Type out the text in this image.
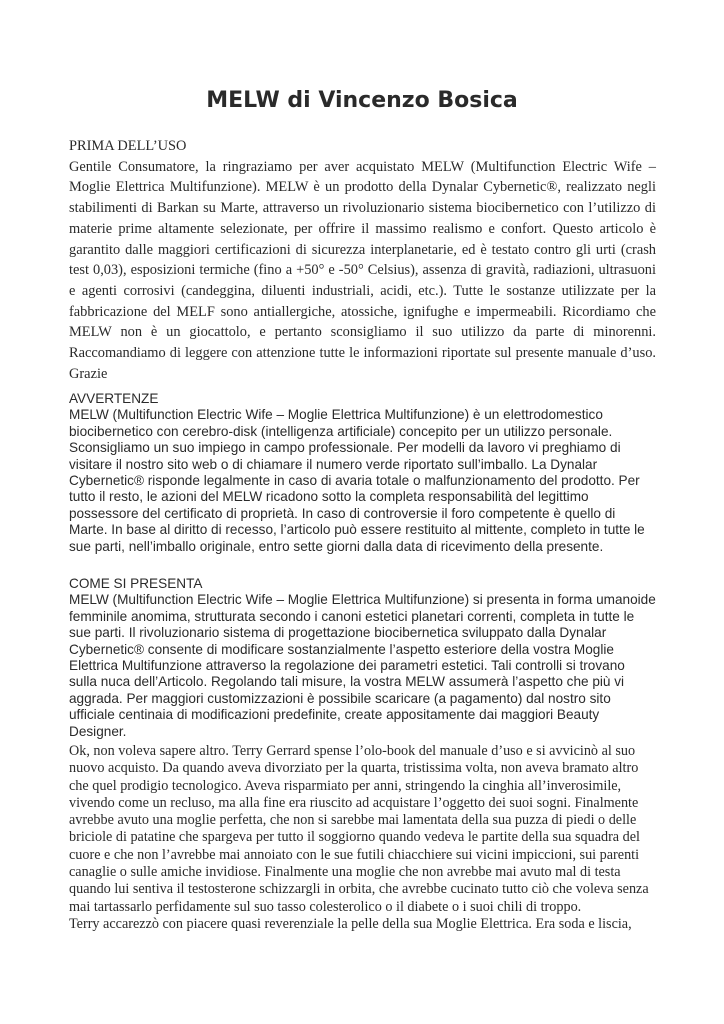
MELW di Vincenzo Bosica
PRIMA DELL’USO

Gentile Consumatore, la ringraziamo per aver acquistato MELW (Multifunction Electric Wife – Moglie Elettrica Multifunzione). MELW è un prodotto della Dynalar Cybernetic®, realizzato negli stabilimenti di Barkan su Marte, attraverso un rivoluzionario sistema biocibernetico con l’utilizzo di materie prime altamente selezionate, per offrire il massimo realismo e confort. Questo articolo è garantito dalle maggiori certificazioni di sicurezza interplanetarie, ed è testato contro gli urti (crash test 0,03), esposizioni termiche (fino a +50° e -50° Celsius), assenza di gravità, radiazioni, ultrasuoni e agenti corrosivi (candeggina, diluenti industriali, acidi, etc.). Tutte le sostanze utilizzate per la fabbricazione del MELF sono antiallergiche, atossiche, ignifughe e impermeabili. Ricordiamo che MELW non è un giocattolo, e pertanto sconsigliamo il suo utilizzo da parte di minorenni. Raccomandiamo di leggere con attenzione tutte le informazioni riportate sul presente manuale d’uso. Grazie

AVVERTENZE

MELW (Multifunction Electric Wife – Moglie Elettrica Multifunzione) è un elettrodomestico biocibernetico con cerebro-disk (intelligenza artificiale) concepito per un utilizzo personale. Sconsigliamo un suo impiego in campo professionale. Per modelli da lavoro vi preghiamo di visitare il nostro sito web o di chiamare il numero verde riportato sull’imballo. La Dynalar Cybernetic® risponde legalmente in caso di avaria totale o malfunzionamento del prodotto. Per tutto il resto, le azioni del MELW ricadono sotto la completa responsabilità del legittimo possessore del certificato di proprietà. In caso di controversie il foro competente è quello di Marte. In base al diritto di recesso, l’articolo può essere restituito al mittente, completo in tutte le sue parti, nell’imballo originale, entro sette giorni dalla data di ricevimento della presente.

COME SI PRESENTA

MELW (Multifunction Electric Wife – Moglie Elettrica Multifunzione) si presenta in forma umanoide femminile anomima, strutturata secondo i canoni estetici planetari correnti, completa in tutte le sue parti. Il rivoluzionario sistema di progettazione biocibernetica sviluppato dalla Dynalar Cybernetic® consente di modificare sostanzialmente l’aspetto esteriore della vostra Moglie Elettrica Multifunzione attraverso la regolazione dei parametri estetici. Tali controlli si trovano sulla nuca dell’Articolo. Regolando tali misure, la vostra MELW assumerà l’aspetto che più vi aggrada. Per maggiori customizzazioni è possibile scaricare (a pagamento) dal nostro sito ufficiale centinaia di modificazioni predefinite, create appositamente dai maggiori Beauty Designer.

Ok, non voleva sapere altro. Terry Gerrard spense l’olo-book del manuale d’uso e si avvicinò al suo nuovo acquisto. Da quando aveva divorziato per la quarta, tristissima volta, non aveva bramato altro che quel prodigio tecnologico. Aveva risparmiato per anni, stringendo la cinghia all’inverosimile, vivendo come un recluso, ma alla fine era riuscito ad acquistare l’oggetto dei suoi sogni. Finalmente avrebbe avuto una moglie perfetta, che non si sarebbe mai lamentata della sua puzza di piedi o delle briciole di patatine che spargeva per tutto il soggiorno quando vedeva le partite della sua squadra del cuore e che non l’avrebbe mai annoiato con le sue futili chiacchiere sui vicini impiccioni, sui parenti canaglie o sulle amiche invidiose. Finalmente una moglie che non avrebbe mai avuto mal di testa quando lui sentiva il testosterone schizzargli in orbita, che avrebbe cucinato tutto ciò che voleva senza mai tartassarlo perfidamente sul suo tasso colesterolico o il diabete o i suoi chili di troppo.

Terry accarezzò con piacere quasi reverenziale la pelle della sua Moglie Elettrica. Era soda e liscia,
